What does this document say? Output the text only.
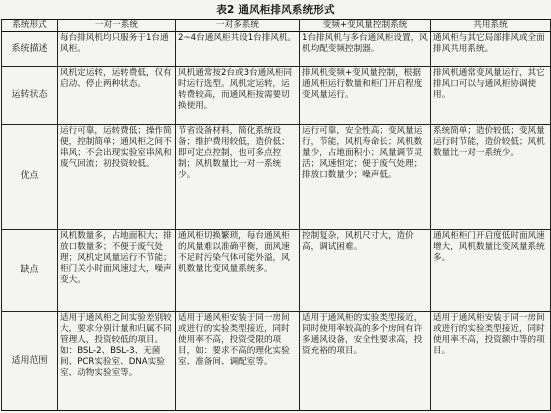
表2 通风柜排风系统形式
系统形式	一对一系统	一对多系统	变频+变风量控制系统	共用系统
系统描述	每台排风机均只服务于1台通风柜。	2~4台通风柜共设1台排风机。	1台排风机与多台通风柜设置，风机均配变频控制器。	通风柜与其它局部排风或全面排风共用系统。
运转状态	风机定运转，运转费低，仅有启动、停止两种状态。	风机通常按2台或3台通风柜同时运行选型。风机定运转，运转费较高，而通风柜按需要切换使用。	排风机变频+变风量控制，根据通风柜运行数量和柜门开启程度变风量运行。	排风机通常变风量运行，其它排风口可以与通风柜协调使用。
优点	运行可靠，运转费低；操作简便，控制简单；通风柜之间不串风；不会出现实验室串风和废气回流；初投资较低。	节省设备材料，简化系统设备；维护费用较低，造价低；即可定点控制，也可多点控制；风机数量比一对一系统少。	运行可靠，安全性高；变风量运行，节能，风机寿命长；风机数量少，占地面积小；风量调节灵活；风速恒定；便于废气处理；排放口数量少；噪声低。	系统简单；造价较低；变风量运行时节能，造价较低；风机数量比一对一系统少。
缺点	风机数量多，占地面积大；排放口数量多；不便于废气处理；风机定风量运行不节能；柜门关小时面风速过大，噪声变大。	通风柜切换繁琐，每台通风柜的风量难以准确平衡，面风速不足时污染气体可能外溢，风机数量比变风量系统多。	控制复杂，风机尺寸大，造价高，调试困难。	通风柜柜门开启度低时面风速增大，风机数量比变风量系统多。
适用范围	适用于通风柜之间实验差别较大，要求分别计量和归属不同管理人，投资较低的项目。如：BSL-2、BSL-3、无菌间、PCR实验室、DNA实验室、动物实验室等。	适用于通风柜安装于同一房间或进行的实验类型接近，同时使用率不高，投资受限的项目，如：要求不高的理化实验室、准备间、调配室等。	适用于通风柜的实验类型接近，同时使用率较高的多个房间有许多通风设备，安全性要求高，投资充裕的项目。	适用于通风柜安装于同一房间或进行的实验类型接近，同时使用率不高，投资额中等的项目。
